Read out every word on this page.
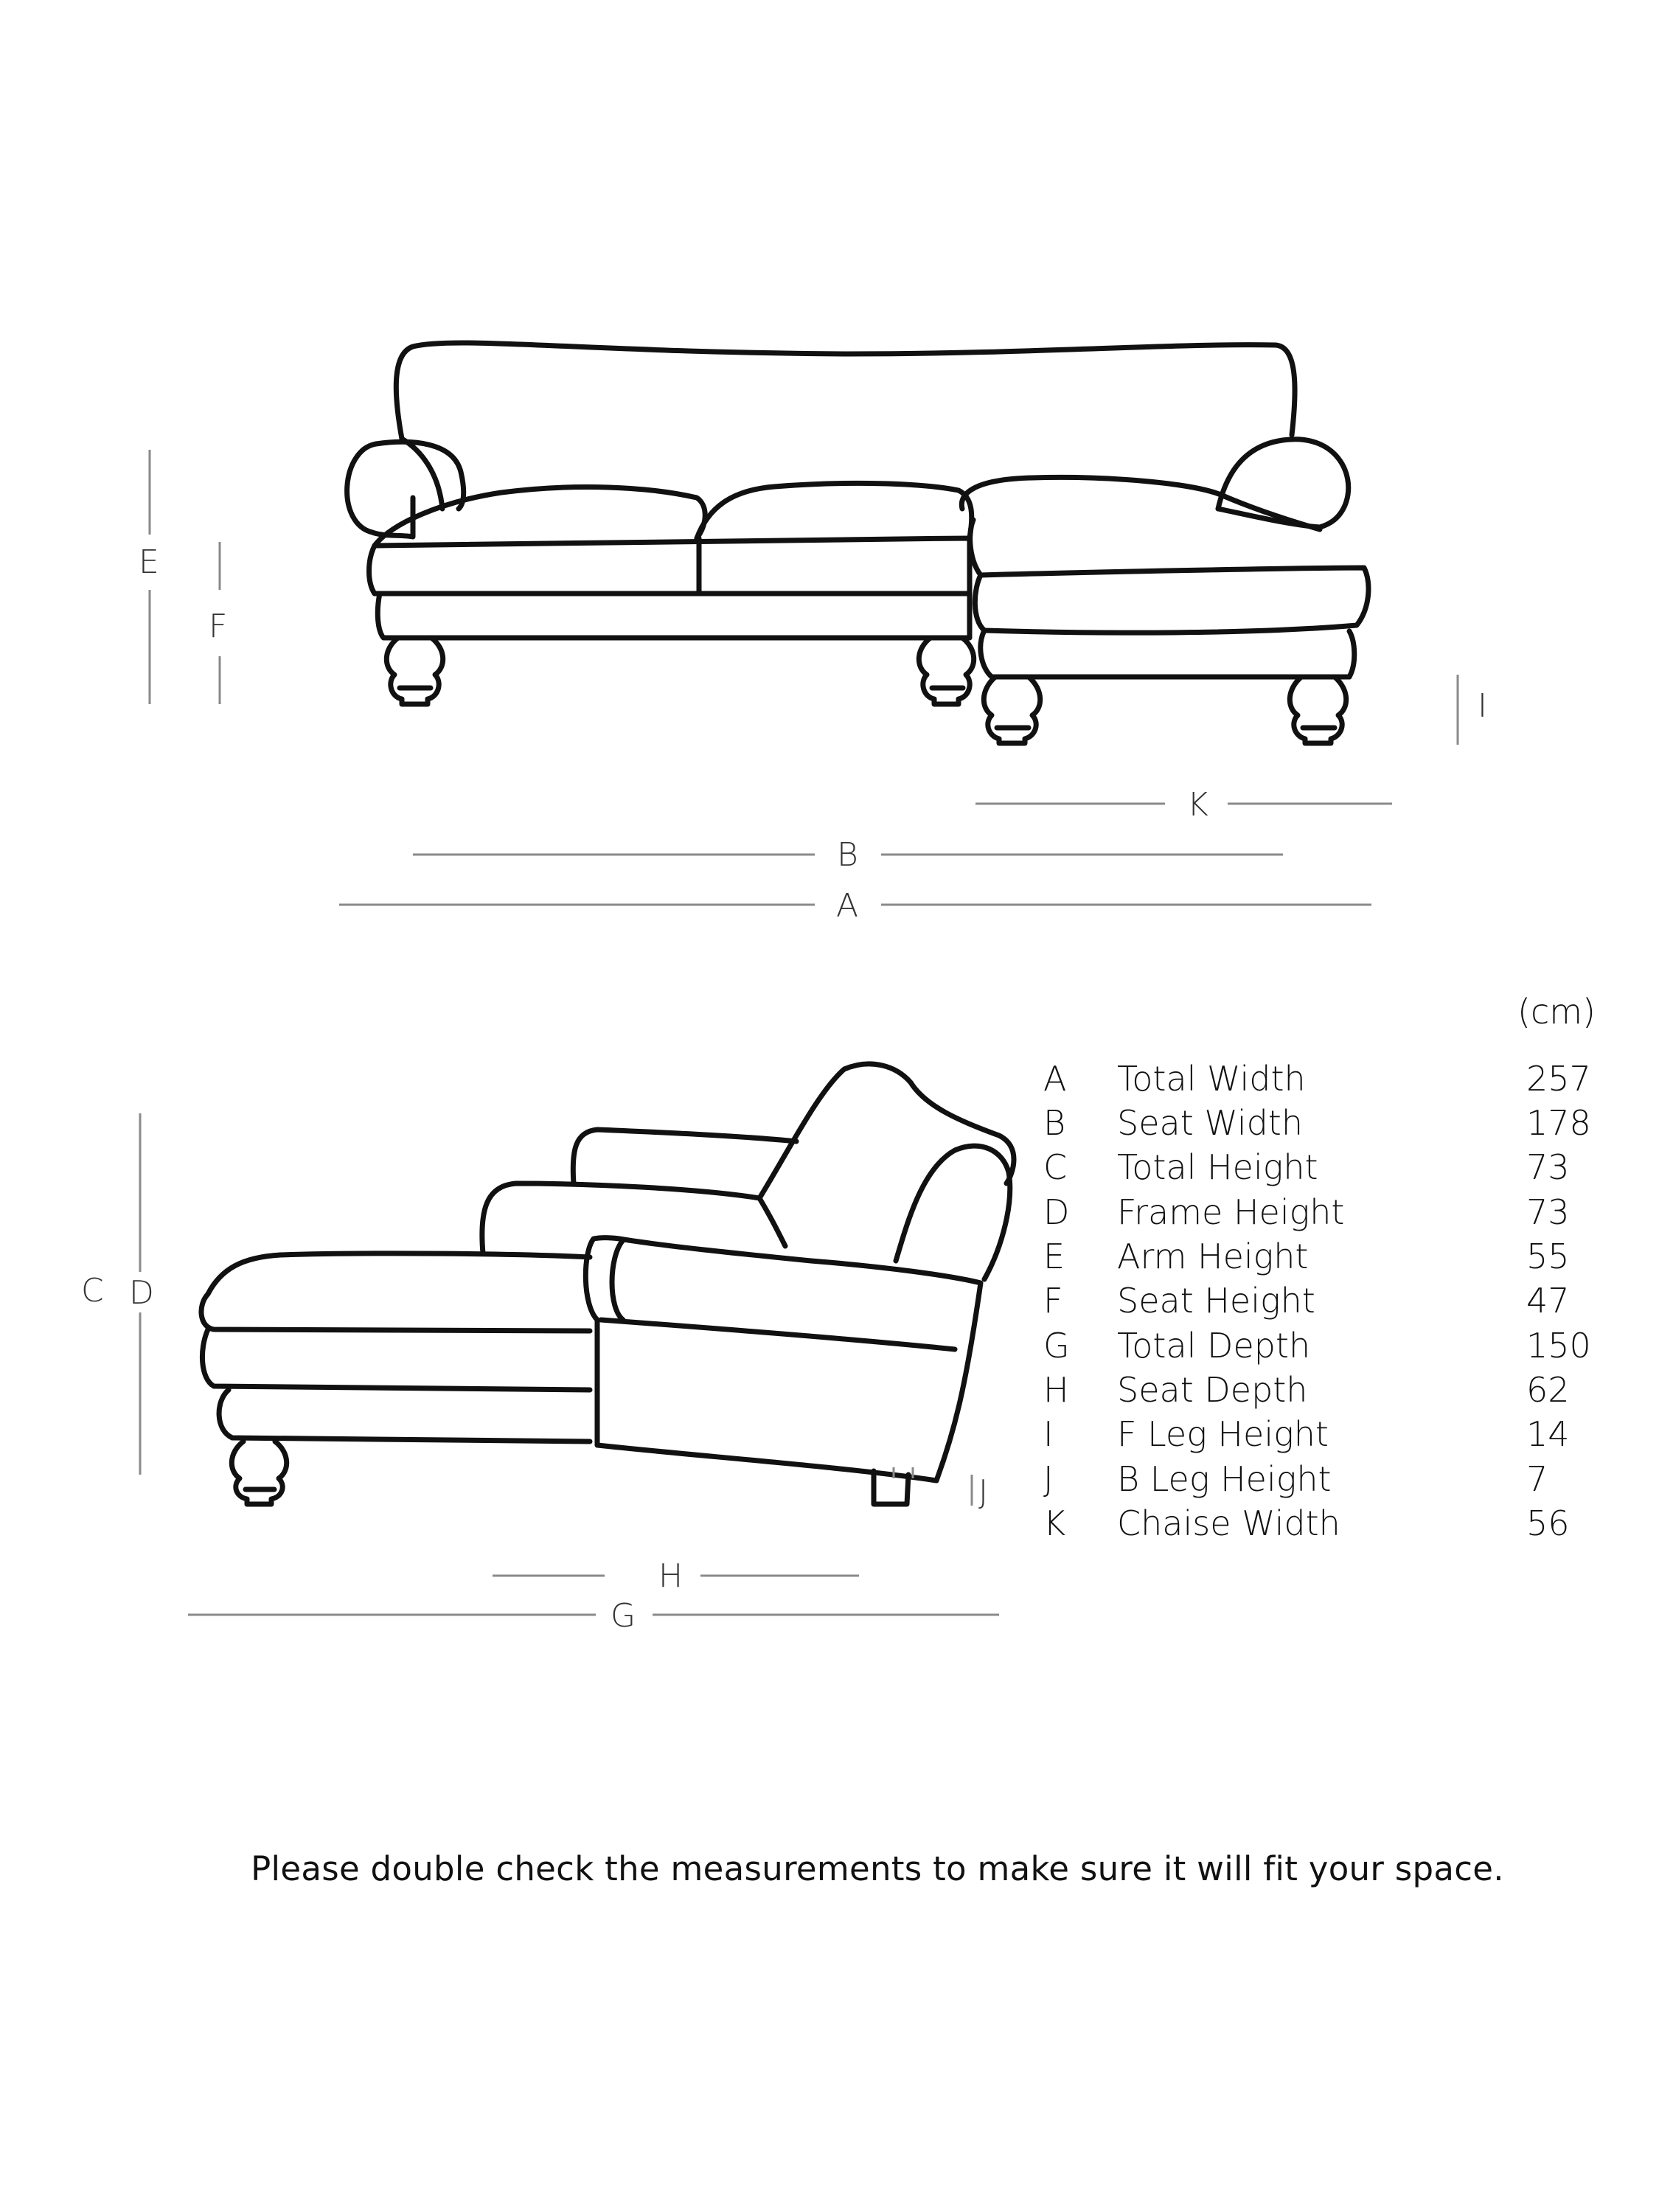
E
F
I
K
B
A
C D
J
H
G
(cm)
A Total Width	257
B Seat Width	178
C Total Height	73
D Frame Height	73
E Arm Height	55
F Seat Height	47
G Total Depth	150
H Seat Depth	62
I F Leg Height	14
J B Leg Height	7
K Chaise Width	56
Please double check the measurements to make sure it will fit your space.
